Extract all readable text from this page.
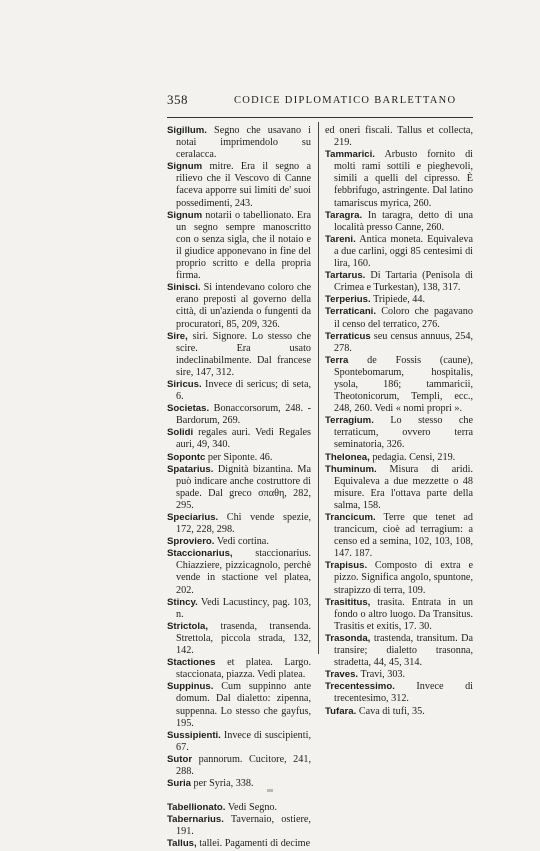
358	CODICE DIPLOMATICO BARLETTANO

Sigillum. Segno che usavano i notai imprimendolo su ceralacca.

Signum mitre. Era il segno a rilievo che il Vescovo di Canne faceva apporre sui limiti de' suoi possedimenti, 243.

Signum notarii o tabellionato. Era un segno sempre manoscritto con o senza sigla, che il notaio e il giudice apponevano in fine del proprio scritto e della propria firma.

Sinisci. Si intendevano coloro che erano preposti al governo della città, di un'azienda o fungenti da procuratori, 85, 209, 326.

Sire, siri. Signore. Lo stesso che scire. Era usato indeclinabilmente. Dal francese sire, 147, 312.

Siricus. Invece di sericus; di seta, 6.

Societas. Bonaccorsorum, 248. - Bardorum, 269.

Solidi regales auri. Vedi Regales auri, 49, 340.

Sopontc per Siponte. 46.

Spatarius. Dignità bizantina. Ma può indicare anche costruttore di spade. Dal greco σπαθη, 282, 295.

Speciarius. Chi vende spezie, 172, 228, 298.

Sproviero. Vedi cortina.

Staccionarius, staccionarius. Chiazziere, pizzicagnolo, perchè vende in stactione vel platea, 202.

Stincy. Vedi Lacustincy, pag. 103, n.

Strictola, trasenda, transenda. Strettola, piccola strada, 132, 142.

Stactiones et platea. Largo. staccionata, piazza. Vedi platea.

Suppinus. Cum suppinno ante domum. Dal dialetto: zipenna, suppenna. Lo stesso che gayfus, 195.

Sussipienti. Invece di suscipienti, 67.

Sutor pannorum. Cucitore, 241, 288.

Suria per Syria, 338.

Tabellionato. Vedi Segno.

Tabernarius. Tavernaio, ostiere, 191.

Tallus, tallei. Pagamenti di decime

ed oneri fiscali. Tallus et collecta, 219.

Tammarici. Arbusto fornito di molti rami sottili e pieghevoli, simili a quelli del cipresso. È febbrifugo, astringente. Dal latino tamariscus myrica, 260.

Taragra. In taragra, detto di una località presso Canne, 260.

Tareni. Antica moneta. Equivaleva a due carlini, oggi 85 centesimi di lira, 160.

Tartarus. Di Tartaria (Penisola di Crimea e Turkestan), 138, 317.

Terperius. Tripiede, 44.

Terraticani. Coloro che pagavano il censo del terratico, 276.

Terraticus seu census annuus, 254, 278.

Terra de Fossis (caune), Spontebomarum, hospitalis, ysola, 186; tammaricii, Theotonicorum, Templi, ecc., 248, 260. Vedi « nomi propri ».

Terragium. Lo stesso che terraticum, ovvero terra seminatoria, 326.

Thelonea, pedagia. Censi, 219.

Thuminum. Misura di aridi. Equivaleva a due mezzette o 48 misure. Era l'ottava parte della salma, 158.

Trancicum. Terre que tenet ad trancicum, cioè ad terragium: a censo ed a semina, 102, 103, 108, 147. 187.

Trapisus. Composto di extra e pizzo. Significa angolo, spuntone, strapizzo di terra, 109.

Trasititus, trasita. Entrata in un fondo o altro luogo. Da Transitus. Trasitis et exitis, 17. 30.

Trasonda, trastenda, transitum. Da transire; dialetto trasonna, stradetta, 44, 45, 314.

Traves. Travi, 303.

Trecentessimo. Invece di trecentesimo, 312.

Tufara. Cava di tufi, 35.
